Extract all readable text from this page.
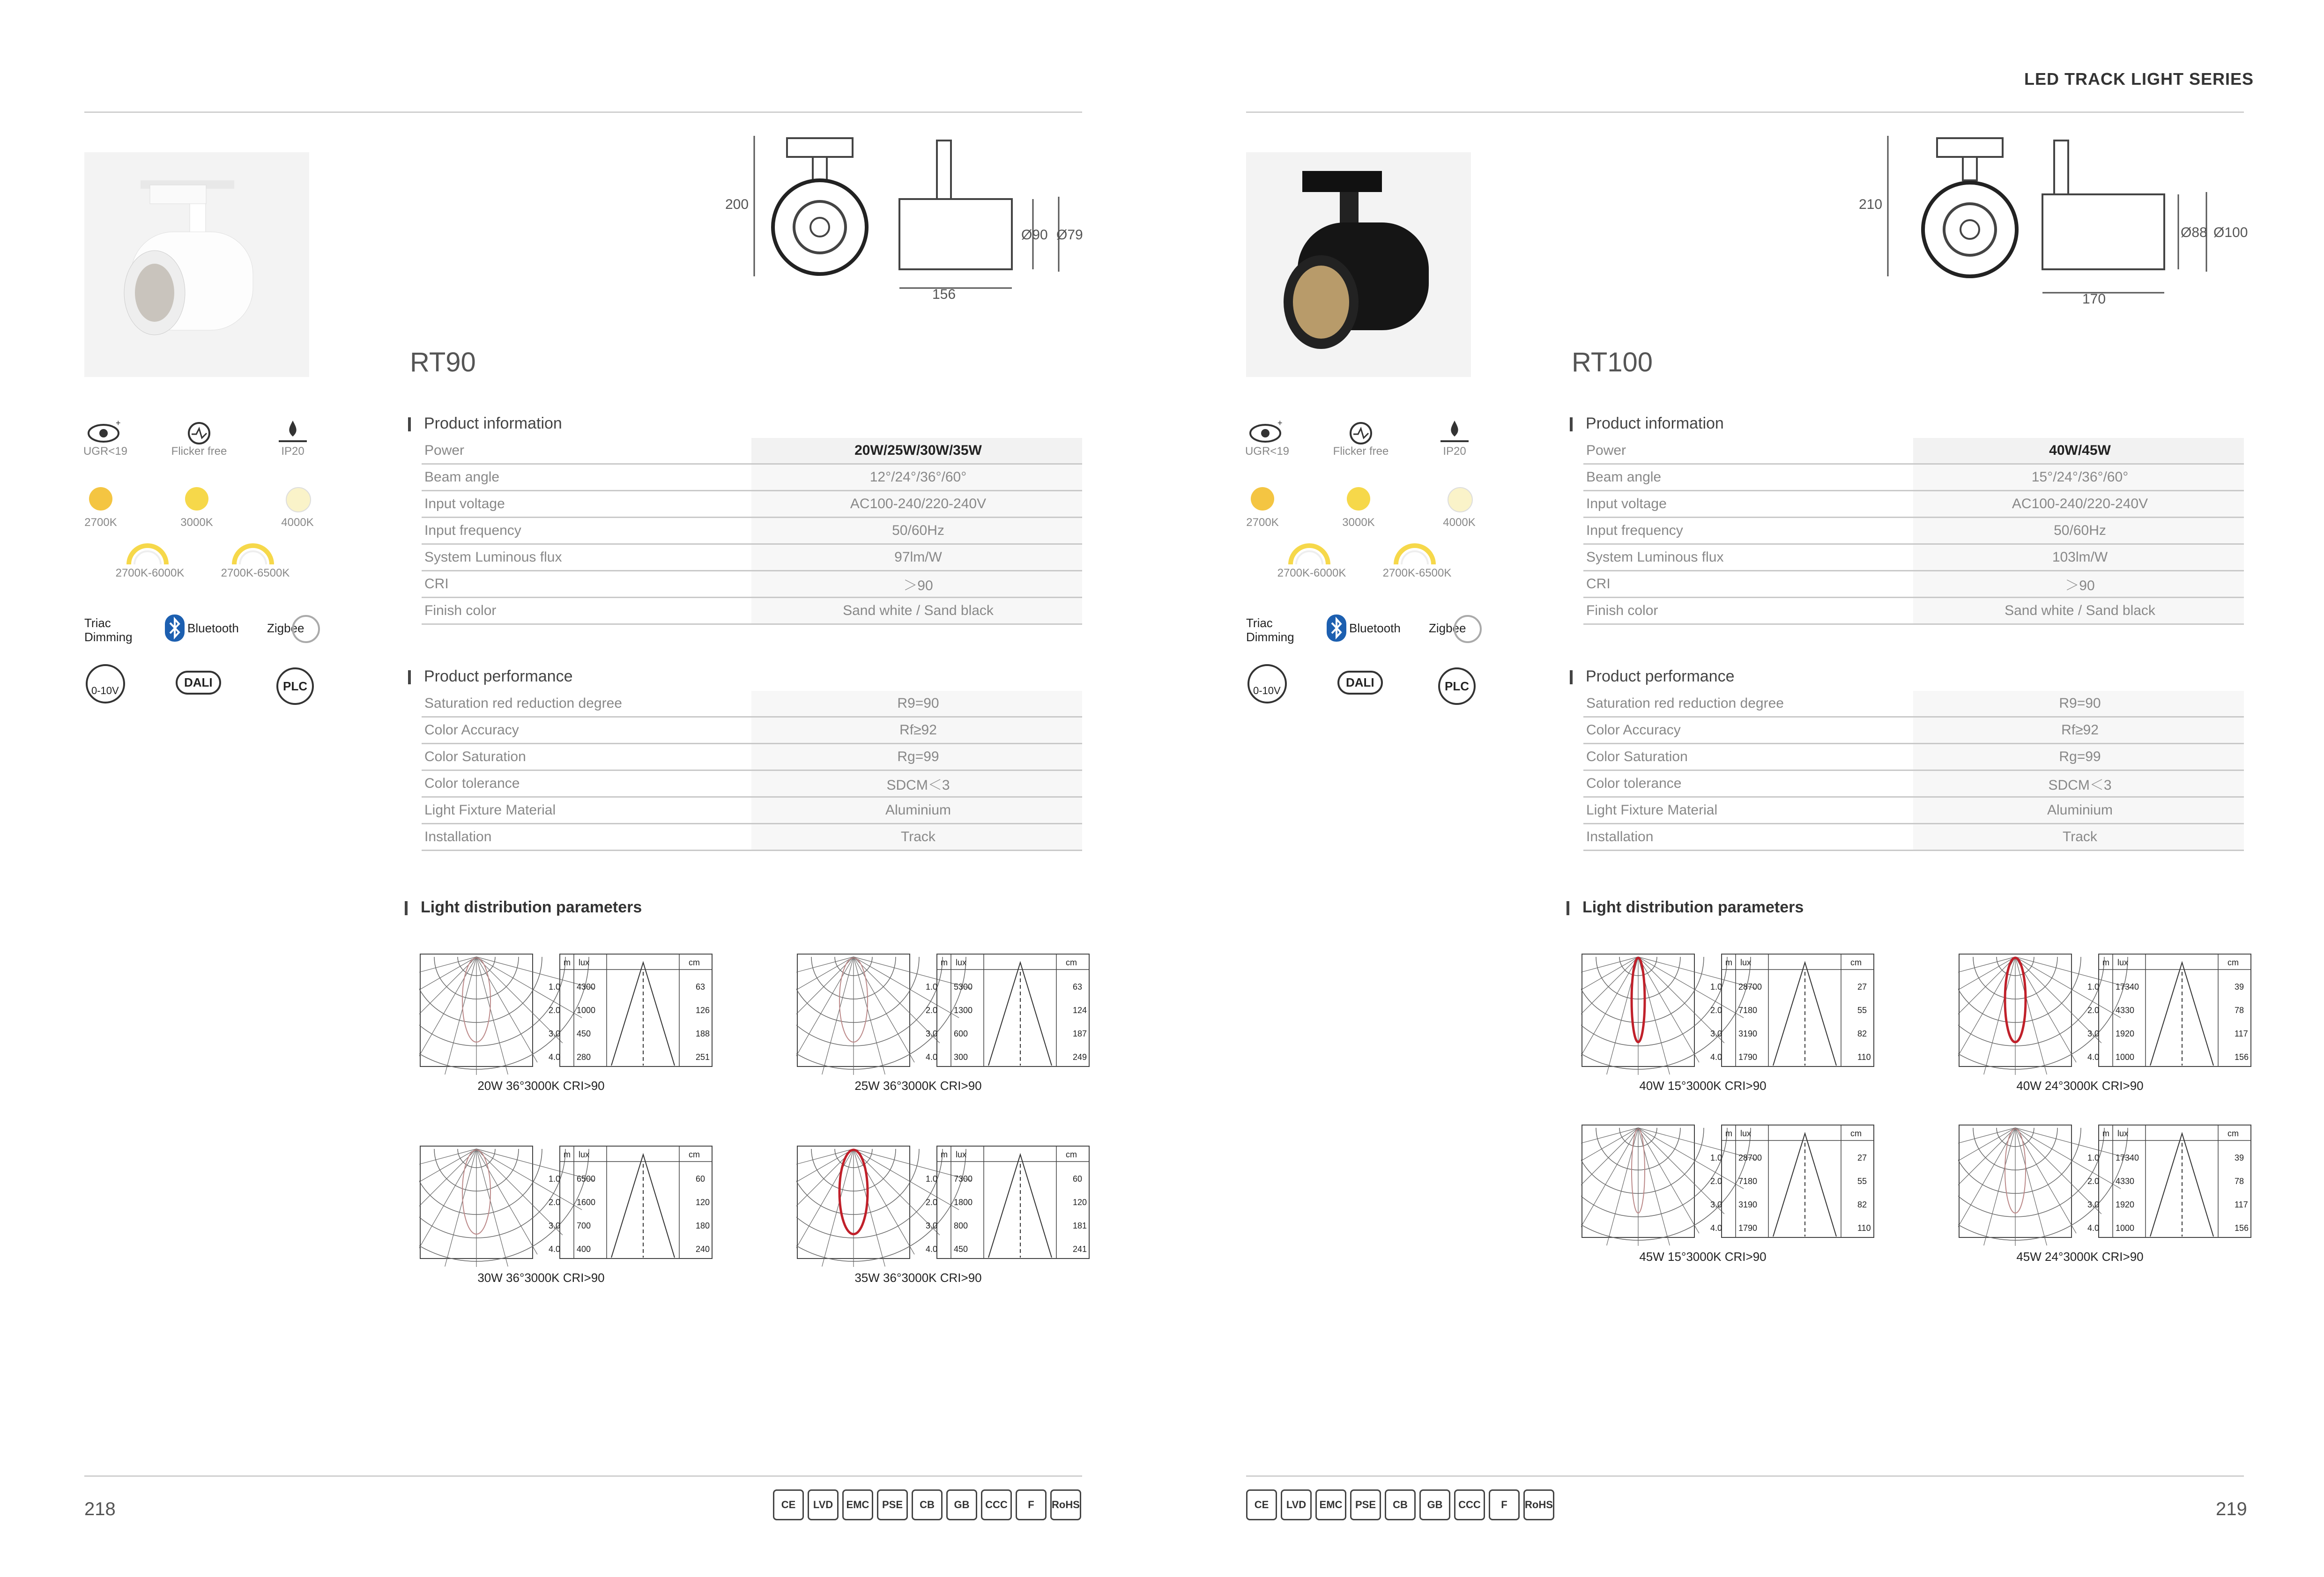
LED TRACK LIGHT SERIES
+
UGR<19	Flicker free	IP20
2700K	3000K	4000K
2700K-6000K	2700K-6500K
Triac Dimming
Bluetooth Zigbee
0-10V
DALI	PLC
200
156
Ø90 Ø79
RT90
Product information
Power	20W/25W/30W/35W
Beam angle	12°/24°/36°/60°
Input voltage	AC100-240/220-240V
Input frequency	50/60Hz
System Luminous flux	97lm/W
CRI	＞90
Finish color	Sand white / Sand black
Product performance
Saturation red reduction degree	R9=90
Color Accuracy	Rf≥92
Color Saturation	Rg=99
Color tolerance	SDCM＜3
Light Fixture Material	Aluminium
Installation	Track
Light distribution parameters
m lux	cm
1.0 4300	63
2.0 1000	126
3.0 450	188
4.0 280	251
20W 36°3000K CRI>90
m lux	cm
1.0 5300	63
2.0 1300	124
3.0 600	187
4.0 300	249
25W 36°3000K CRI>90
m lux	cm
1.0 6500	60
2.0 1600	120
3.0 700	180
4.0 400	240
30W 36°3000K CRI>90
m lux	cm
1.0 7300	60
2.0 1800	120
3.0 800	181
4.0 450	241
35W 36°3000K CRI>90
218	CE	LVD	EMC	PSE	CB	GB	CCC	F	RoHS
+
UGR<19	Flicker free	IP20
2700K	3000K	4000K
2700K-6000K	2700K-6500K
Triac Dimming
Bluetooth Zigbee
0-10V
DALI	PLC
210
170
Ø88 Ø100
RT100
Product information
Power	40W/45W
Beam angle	15°/24°/36°/60°
Input voltage	AC100-240/220-240V
Input frequency	50/60Hz
System Luminous flux	103lm/W
CRI	＞90
Finish color	Sand white / Sand black
Product performance
Saturation red reduction degree	R9=90
Color Accuracy	Rf≥92
Color Saturation	Rg=99
Color tolerance	SDCM＜3
Light Fixture Material	Aluminium
Installation	Track
Light distribution parameters
m lux	cm
1.0 28700	27
2.0 7180	55
3.0 3190	82
4.0 1790	110
40W 15°3000K CRI>90
m lux	cm
1.0 17340	39
2.0 4330	78
3.0 1920	117
4.0 1000	156
40W 24°3000K CRI>90
m lux	cm
1.0 28700	27
2.0 7180	55
3.0 3190	82
4.0 1790	110
45W 15°3000K CRI>90
m lux	cm
1.0 17340	39
2.0 4330	78
3.0 1920	117
4.0 1000	156
45W 24°3000K CRI>90
219
CE	LVD	EMC	PSE	CB	GB	CCC	F	RoHS
